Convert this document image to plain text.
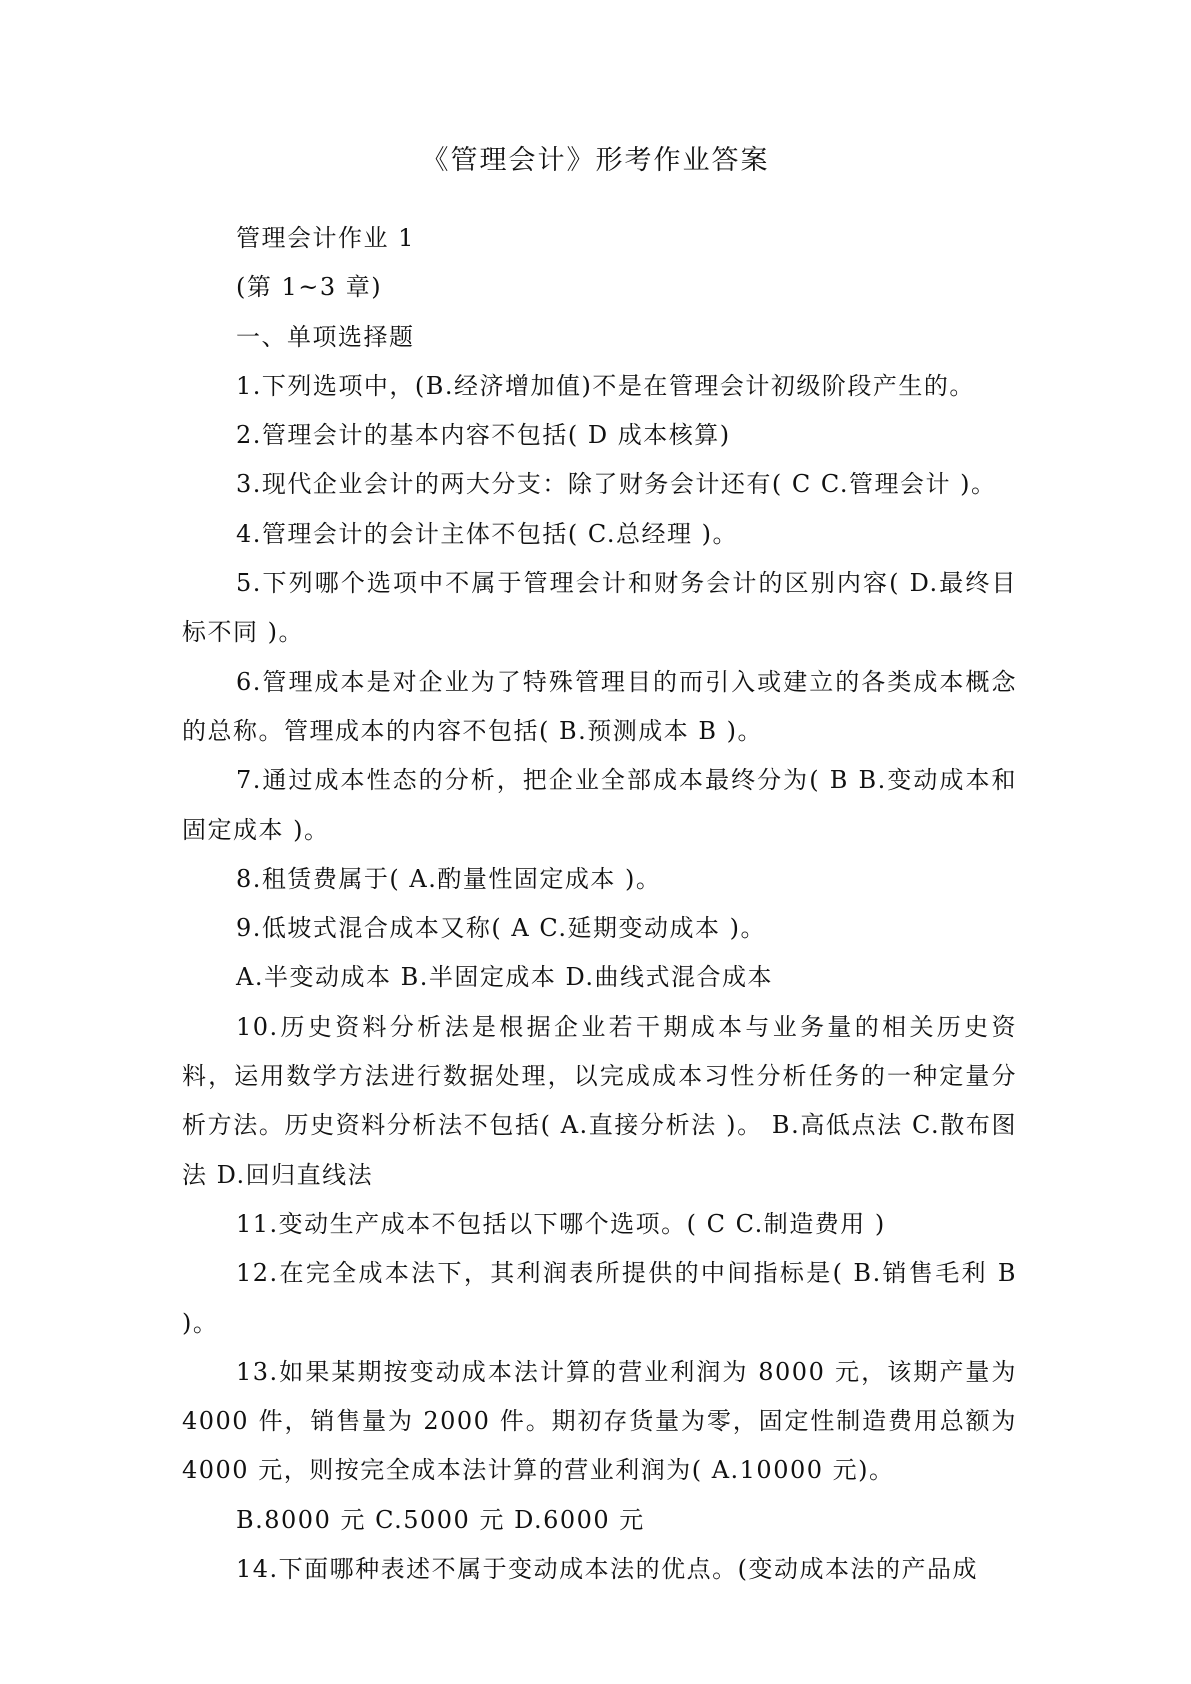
《管理会计》形考作业答案

管理会计作业 1

(第 1~3 章)

一、单项选择题

1.下列选项中，(B.经济增加值)不是在管理会计初级阶段产生的。

2.管理会计的基本内容不包括( D 成本核算)

3.现代企业会计的两大分支：除了财务会计还有( C C.管理会计 )。

4.管理会计的会计主体不包括( C.总经理 )。

5.下列哪个选项中不属于管理会计和财务会计的区别内容( D.最终目标不同 )。

6.管理成本是对企业为了特殊管理目的而引入或建立的各类成本概念的总称。管理成本的内容不包括( B.预测成本 B )。

7.通过成本性态的分析，把企业全部成本最终分为( B B.变动成本和固定成本 )。

8.租赁费属于( A.酌量性固定成本 )。

9.低坡式混合成本又称( A C.延期变动成本 )。

A.半变动成本 B.半固定成本 D.曲线式混合成本

10.历史资料分析法是根据企业若干期成本与业务量的相关历史资料，运用数学方法进行数据处理，以完成成本习性分析任务的一种定量分析方法。历史资料分析法不包括( A.直接分析法 )。 B.高低点法 C.散布图法 D.回归直线法

11.变动生产成本不包括以下哪个选项。( C C.制造费用 )

12.在完全成本法下，其利润表所提供的中间指标是( B.销售毛利 B )。

13.如果某期按变动成本法计算的营业利润为 8000 元，该期产量为 4000 件，销售量为 2000 件。期初存货量为零，固定性制造费用总额为 4000 元，则按完全成本法计算的营业利润为( A.10000 元)。

B.8000 元 C.5000 元 D.6000 元

14.下面哪种表述不属于变动成本法的优点。(变动成本法的产品成
